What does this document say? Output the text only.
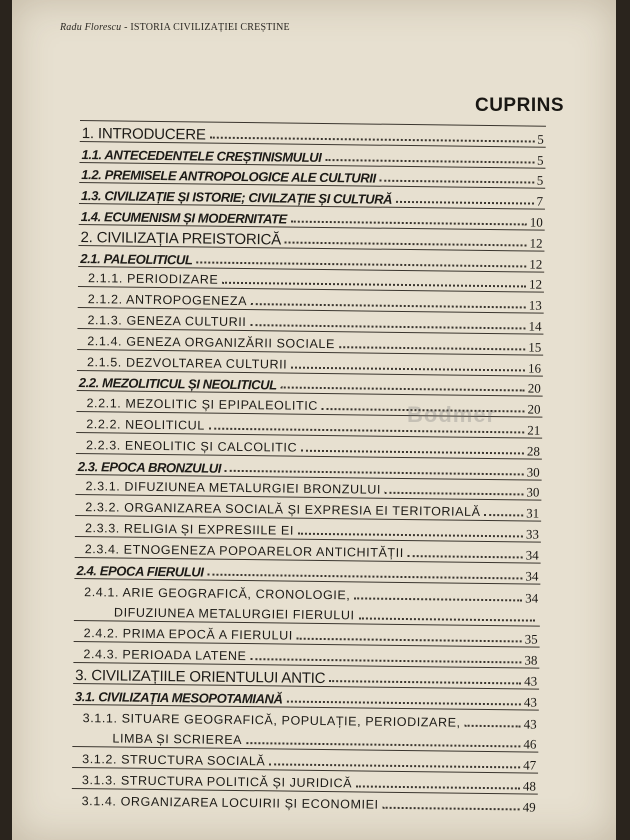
Radu Florescu - ISTORIA CIVILIZAȚIEI CREȘTINE
CUPRINS
1. INTRODUCERE	5
1.1. ANTECEDENTELE CREȘTINISMULUI	5
1.2. PREMISELE ANTROPOLOGICE ALE CULTURII	5
1.3. CIVILIZAȚIE ȘI ISTORIE; CIVILZAȚIE ȘI CULTURĂ	7
1.4. ECUMENISM ȘI MODERNITATE	10
2. CIVILIZAȚIA PREISTORICĂ	12
2.1. PALEOLITICUL	12
2.1.1. PERIODIZARE	12
2.1.2. ANTROPOGENEZA	13
2.1.3. GENEZA CULTURII	14
2.1.4. GENEZA ORGANIZĂRII SOCIALE	15
2.1.5. DEZVOLTAREA CULTURII	16
2.2. MEZOLITICUL ȘI NEOLITICUL	20
2.2.1. MEZOLITIC ȘI EPIPALEOLITIC	20
2.2.2. NEOLITICUL	21
2.2.3. ENEOLITIC ȘI CALCOLITIC	28
2.3. EPOCA BRONZULUI	30
2.3.1. DIFUZIUNEA METALURGIEI BRONZULUI	30
2.3.2. ORGANIZAREA SOCIALĂ ȘI EXPRESIA EI TERITORIALĂ	31
2.3.3. RELIGIA ȘI EXPRESIILE EI	33
2.3.4. ETNOGENEZA POPOARELOR ANTICHITĂȚII	34
2.4. EPOCA FIERULUI	34
2.4.1. ARIE GEOGRAFICĂ, CRONOLOGIE,	34
DIFUZIUNEA METALURGIEI FIERULUI
2.4.2. PRIMA EPOCĂ A FIERULUI	35
2.4.3. PERIOADA LATENE	38
3. CIVILIZAȚIILE ORIENTULUI ANTIC	43
3.1. CIVILIZAȚIA MESOPOTAMIANĂ	43
3.1.1. SITUARE GEOGRAFICĂ, POPULAȚIE, PERIODIZARE,	43
LIMBA ȘI SCRIEREA	46
3.1.2. STRUCTURA SOCIALĂ	47
3.1.3. STRUCTURA POLITICĂ ȘI JURIDICĂ	48
3.1.4. ORGANIZAREA LOCUIRII ȘI ECONOMIEI	49
Bodmer
